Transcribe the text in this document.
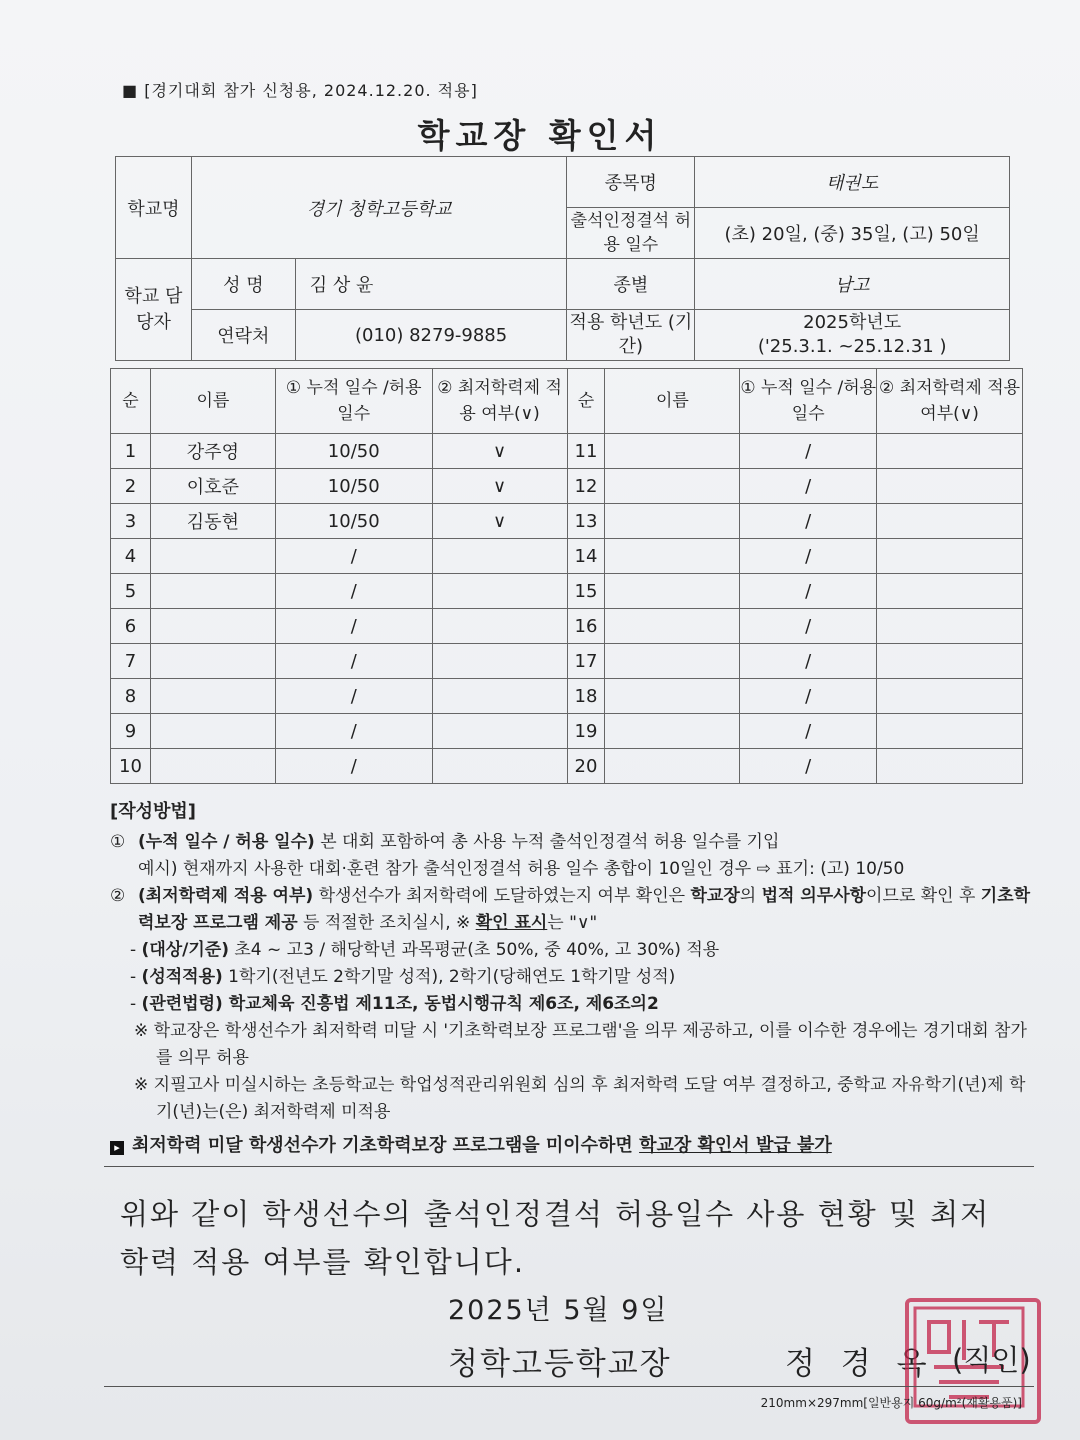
■ [경기대회 참가 신청용, 2024.12.20. 적용]
학교장 확인서
학교명	경기 청학고등학교		종목명	태권도
			출석인정결석 허용 일수	(초) 20일, (중) 35일, (고) 50일
학교 담당자	성 명	김 상 윤	종별	남고
	연락처	(010) 8279-9885	적용 학년도 (기간)	2025학년도
('25.3.1. ~25.12.31 )
순	이름	① 누적 일수 /허용 일수	② 최저학력제 적용 여부(∨)	순	이름	① 누적 일수 /허용 일수	② 최저학력제 적용 여부(∨)
1	강주영	10/50	∨	11		/	
2	이호준	10/50	∨	12		/	
3	김동현	10/50	∨	13		/	
4		/		14		/	
5		/		15		/	
6		/		16		/	
7		/		17		/	
8		/		18		/	
9		/		19		/	
10		/		20		/	
[작성방법]
① (누적 일수 / 허용 일수) 본 대회 포함하여 총 사용 누적 출석인정결석 허용 일수를 기입
예시) 현재까지 사용한 대회·훈련 참가 출석인정결석 허용 일수 총합이 10일인 경우 ⇨ 표기: (고) 10/50
② (최저학력제 적용 여부) 학생선수가 최저학력에 도달하였는지 여부 확인은 학교장의 법적 의무사항이므로 확인 후 기초학력보장 프로그램 제공 등 적절한 조치실시, ※ 확인 표시는 "∨"
- (대상/기준) 초4 ~ 고3 / 해당학년 과목평균(초 50%, 중 40%, 고 30%) 적용
- (성적적용) 1학기(전년도 2학기말 성적), 2학기(당해연도 1학기말 성적)
- (관련법령) 학교체육 진흥법 제11조, 동법시행규칙 제6조, 제6조의2
※ 학교장은 학생선수가 최저학력 미달 시 '기초학력보장 프로그램'을 의무 제공하고, 이를 이수한 경우에는 경기대회 참가를 의무 허용
※ 지필고사 미실시하는 초등학교는 학업성적관리위원회 심의 후 최저학력 도달 여부 결정하고, 중학교 자유학기(년)제 학기(년)는(은) 최저학력제 미적용
▸ 최저학력 미달 학생선수가 기초학력보장 프로그램을 미이수하면 학교장 확인서 발급 불가
위와 같이 학생선수의 출석인정결석 허용일수 사용 현황 및 최저학력 적용 여부를 확인합니다.
2025년 5월 9일
청학고등학교장	정 경 옥 (직인)
210mm×297mm[일반용지 60g/m²(재활용품)]
